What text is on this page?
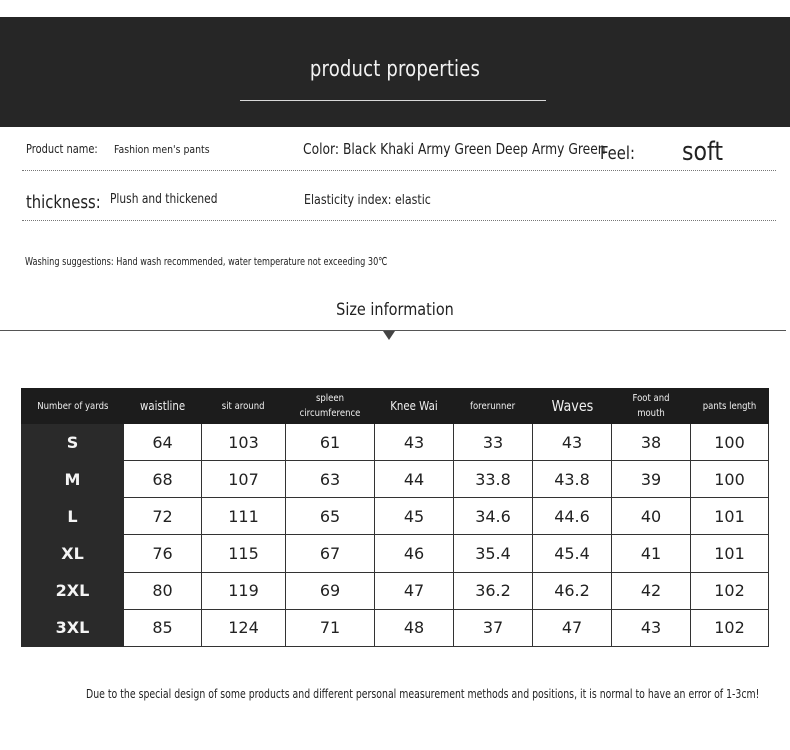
product properties
Product name: Fashion men's pants	Color: Black Khaki Army Green Deep Army Green
Feel: soft
thickness: Plush and thickened	Elasticity index: elastic
Washing suggestions: Hand wash recommended, water temperature not exceeding 30℃
Size information
Number of yards	waistline	sit around	spleen circumference	Knee Wai	forerunner	Waves	Foot and mouth	pants length
S	64	103	61	43	33	43	38	100
M	68	107	63	44	33.8	43.8	39	100
L	72	111	65	45	34.6	44.6	40	101
XL	76	115	67	46	35.4	45.4	41	101
2XL	80	119	69	47	36.2	46.2	42	102
3XL	85	124	71	48	37	47	43	102
Due to the special design of some products and different personal measurement methods and positions, it is normal to have an error of 1-3cm!
